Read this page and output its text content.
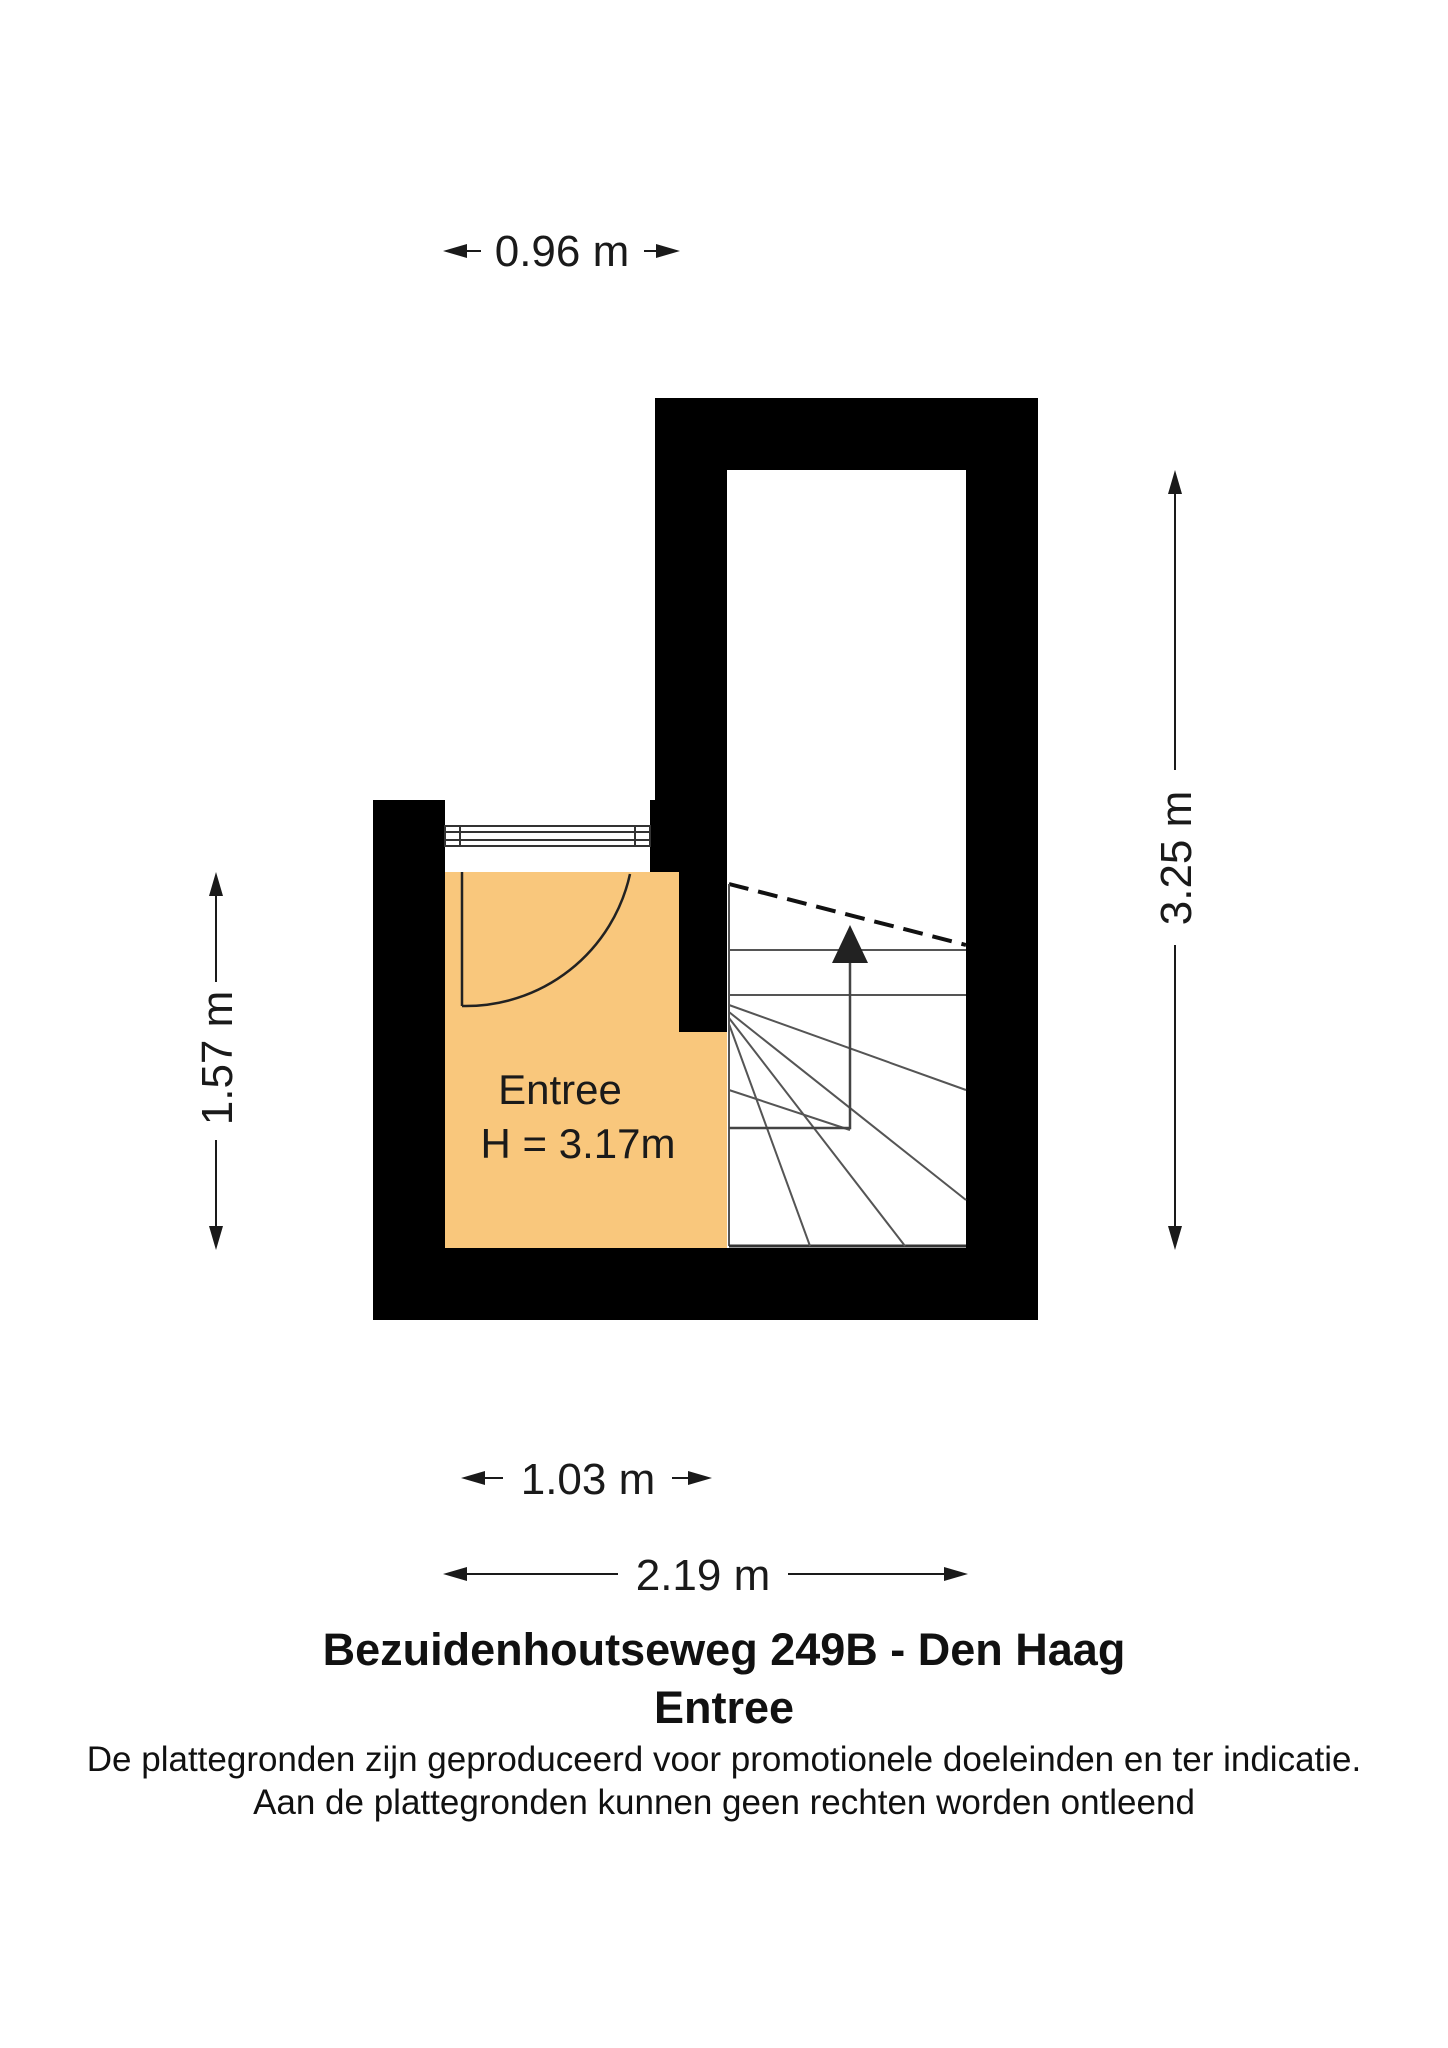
Entree
H = 3.17m
0.96 m
3.25 m
1.57 m
1.03 m
2.19 m
Bezuidenhoutseweg 249B - Den Haag
Entree
De plattegronden zijn geproduceerd voor promotionele doeleinden en ter indicatie.
Aan de plattegronden kunnen geen rechten worden ontleend
